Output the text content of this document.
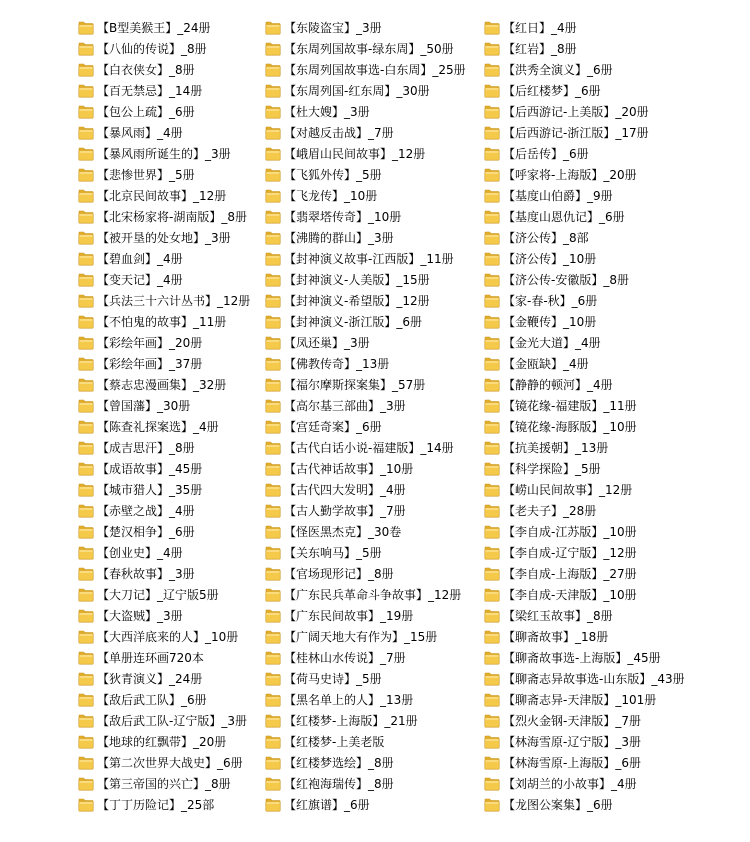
【B型美猴王】_24册
【八仙的传说】_8册
【白衣侠女】_8册
【百无禁忌】_14册
【包公上疏】_6册
【暴风雨】_4册
【暴风雨所诞生的】_3册
【悲惨世界】_5册
【北京民间故事】_12册
【北宋杨家将-湖南版】_8册
【被开垦的处女地】_3册
【碧血剑】_4册
【变天记】_4册
【兵法三十六计丛书】_12册
【不怕鬼的故事】_11册
【彩绘年画】_20册
【彩绘年画】_37册
【蔡志忠漫画集】_32册
【曾国藩】_30册
【陈查礼探案选】_4册
【成吉思汗】_8册
【成语故事】_45册
【城市猎人】_35册
【赤壁之战】_4册
【楚汉相争】_6册
【创业史】_4册
【春秋故事】_3册
【大刀记】_辽宁版5册
【大盗贼】_3册
【大西洋底来的人】_10册
【单册连环画720本
【狄青演义】_24册
【敌后武工队】_6册
【敌后武工队-辽宁版】_3册
【地球的红飘带】_20册
【第二次世界大战史】_6册
【第三帝国的兴亡】_8册
【丁丁历险记】_25部
【东陵盗宝】_3册
【东周列国故事-绿东周】_50册
【东周列国故事选-白东周】_25册
【东周列国-红东周】_30册
【杜大嫂】_3册
【对越反击战】_7册
【峨眉山民间故事】_12册
【飞狐外传】_5册
【飞龙传】_10册
【翡翠塔传奇】_10册
【沸腾的群山】_3册
【封神演义故事-江西版】_11册
【封神演义-人美版】_15册
【封神演义-希望版】_12册
【封神演义-浙江版】_6册
【凤还巢】_3册
【佛教传奇】_13册
【福尔摩斯探案集】_57册
【高尔基三部曲】_3册
【宫廷奇案】_6册
【古代白话小说-福建版】_14册
【古代神话故事】_10册
【古代四大发明】_4册
【古人勤学故事】_7册
【怪医黑杰克】_30卷
【关东响马】_5册
【官场现形记】_8册
【广东民兵革命斗争故事】_12册
【广东民间故事】_19册
【广阔天地大有作为】_15册
【桂林山水传说】_7册
【荷马史诗】_5册
【黑名单上的人】_13册
【红楼梦-上海版】_21册
【红楼梦-上美老版
【红楼梦选绘】_8册
【红袍海瑞传】_8册
【红旗谱】_6册
【红日】_4册
【红岩】_8册
【洪秀全演义】_6册
【后红楼梦】_6册
【后西游记-上美版】_20册
【后西游记-浙江版】_17册
【后岳传】_6册
【呼家将-上海版】_20册
【基度山伯爵】_9册
【基度山恩仇记】_6册
【济公传】_8部
【济公传】_10册
【济公传-安徽版】_8册
【家-春-秋】_6册
【金鞭传】_10册
【金光大道】_4册
【金瓯缺】_4册
【静静的顿河】_4册
【镜花缘-福建版】_11册
【镜花缘-海豚版】_10册
【抗美援朝】_13册
【科学探险】_5册
【崂山民间故事】_12册
【老夫子】_28册
【李自成-江苏版】_10册
【李自成-辽宁版】_12册
【李自成-上海版】_27册
【李自成-天津版】_10册
【梁红玉故事】_8册
【聊斋故事】_18册
【聊斋故事选-上海版】_45册
【聊斋志异故事选-山东版】_43册
【聊斋志异-天津版】_101册
【烈火金钢-天津版】_7册
【林海雪原-辽宁版】_3册
【林海雪原-上海版】_6册
【刘胡兰的小故事】_4册
【龙图公案集】_6册
